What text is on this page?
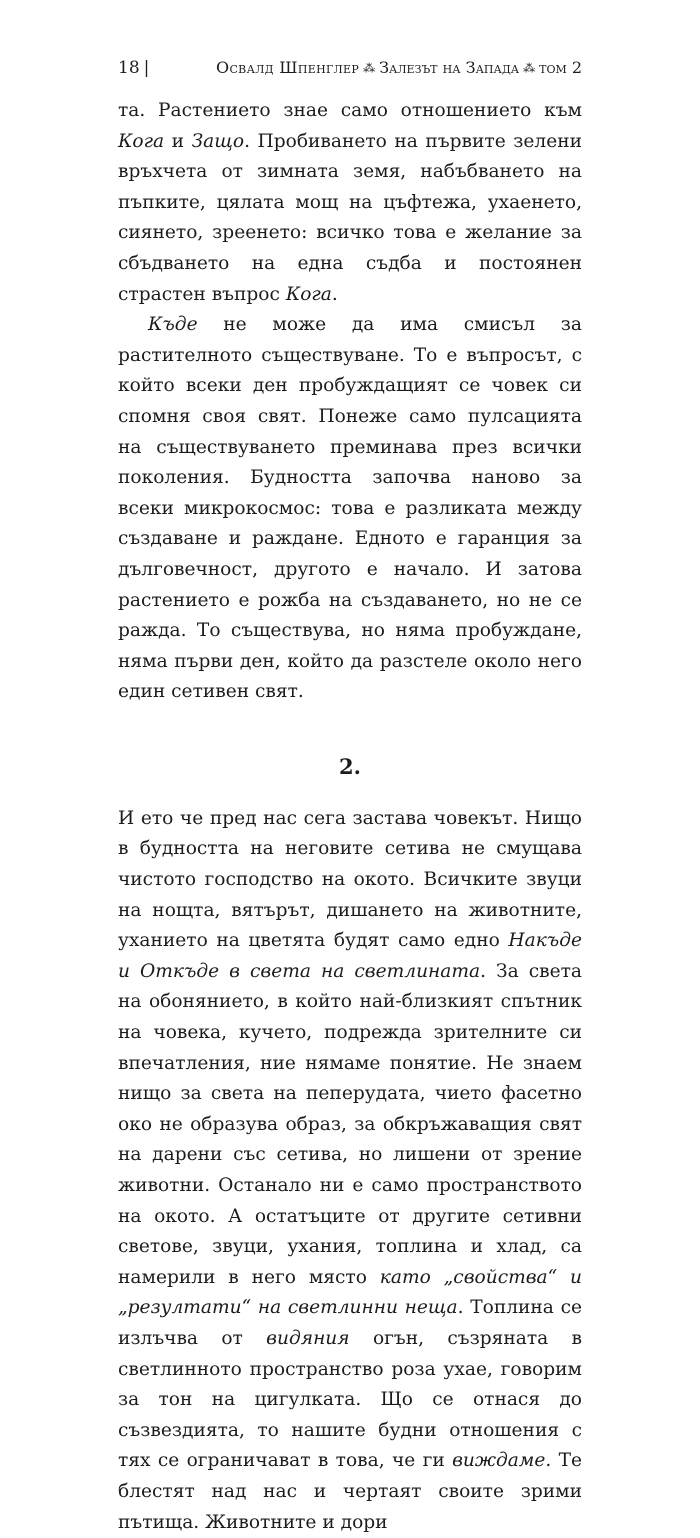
18 |	Освалд Шпенглер ⁂ Залезът на Запада ⁂ том 2

та. Растението знае само отношението към Кога и Защо. Пробиването на първите зелени връхчета от зимната земя, набъбването на пъпките, цялата мощ на цъфтежа, ухаенето, сиянето, зреенето: всичко това е желание за сбъдването на една съдба и постоянен страстен въпрос Кога.

Къде не може да има смисъл за растителното съществуване. То е въпросът, с който всеки ден пробуждащият се човек си спомня своя свят. Понеже само пулсацията на съществуването преминава през всички поколения. Будността започва наново за всеки микрокосмос: това е разликата между създаване и раждане. Едното е гаранция за дълговечност, другото е начало. И затова растението е рожба на създаването, но не се ражда. То съществува, но няма пробуждане, няма първи ден, който да разстеле около него един сетивен свят.

2.

И ето че пред нас сега застава човекът. Нищо в будността на неговите сетива не смущава чистото господство на окото. Всичките звуци на нощта, вятърът, дишането на животните, уханието на цветята будят само едно Накъде и Откъде в света на светлината. За света на обонянието, в който най-близкият спътник на човека, кучето, подрежда зрителните си впечатления, ние нямаме понятие. Не знаем нищо за света на пеперудата, чието фасетно око не образува образ, за обкръжаващия свят на дарени със сетива, но лишени от зрение животни. Останало ни е само пространството на окото. А остатъците от другите сетивни светове, звуци, ухания, топлина и хлад, са намерили в него място като „свойства“ и „резултати“ на светлинни неща. Топлина се излъчва от видяния огън, съзряната в светлинното пространство роза ухае, говорим за тон на цигулката. Що се отнася до съзвездията, то нашите будни отношения с тях се ограничават в това, че ги виждаме. Те блестят над нас и чертаят своите зрими пътища. Животните и дори
